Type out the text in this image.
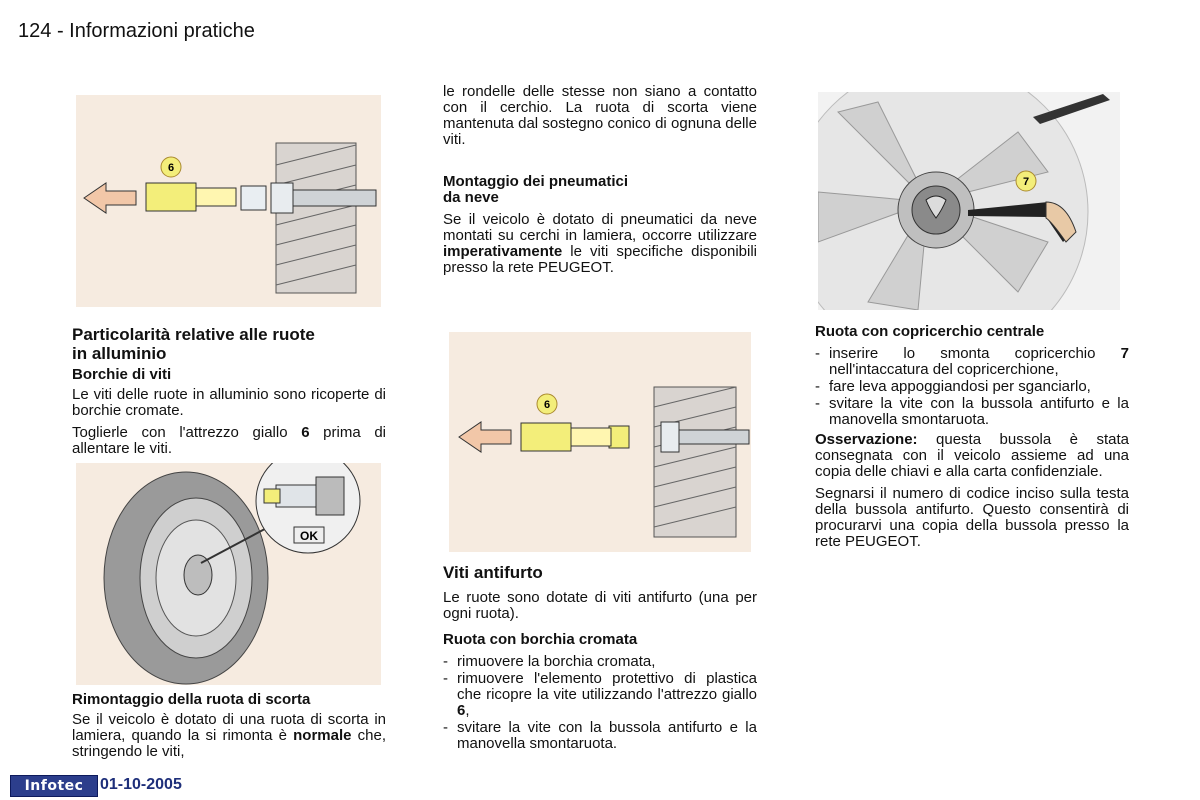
124 - Informazioni pratiche
6
Particolarità relative alle ruote
in alluminio
Borchie di viti

Le viti delle ruote in alluminio sono ricoperte di borchie cromate.

Toglierle con l'attrezzo giallo 6 prima di allentare le viti.

OK
Rimontaggio della ruota di scorta

Se il veicolo è dotato di una ruota di scorta in lamiera, quando la si rimonta è normale che, stringendo le viti,

le rondelle delle stesse non siano a contatto con il cerchio. La ruota di scorta viene mantenuta dal sostegno conico di ognuna delle viti.

Montaggio dei pneumatici
da neve

Se il veicolo è dotato di pneumatici da neve montati su cerchi in lamiera, occorre utilizzare imperativamente le viti specifiche disponibili presso la rete PEUGEOT.

6
Viti antifurto

Le ruote sono dotate di viti antifurto (una per ogni ruota).

Ruota con borchia cromata
- rimuovere la borchia cromata,
- rimuovere l'elemento protettivo di plastica che ricopre la vite utilizzando l'attrezzo giallo 6,
- svitare la vite con la bussola antifurto e la manovella smontaruota.
7
Ruota con copricerchio centrale
- inserire lo smonta copricerchio 7 nell'intaccatura del copricerchione,
- fare leva appoggiandosi per sganciarlo,
- svitare la vite con la bussola antifurto e la manovella smontaruota.

Osservazione: questa bussola è stata consegnata con il veicolo assieme ad una copia delle chiavi e alla carta confidenziale.

Segnarsi il numero di codice inciso sulla testa della bussola antifurto. Questo consentirà di procurarvi una copia della bussola presso la rete PEUGEOT.

Infotec	01-10-2005
